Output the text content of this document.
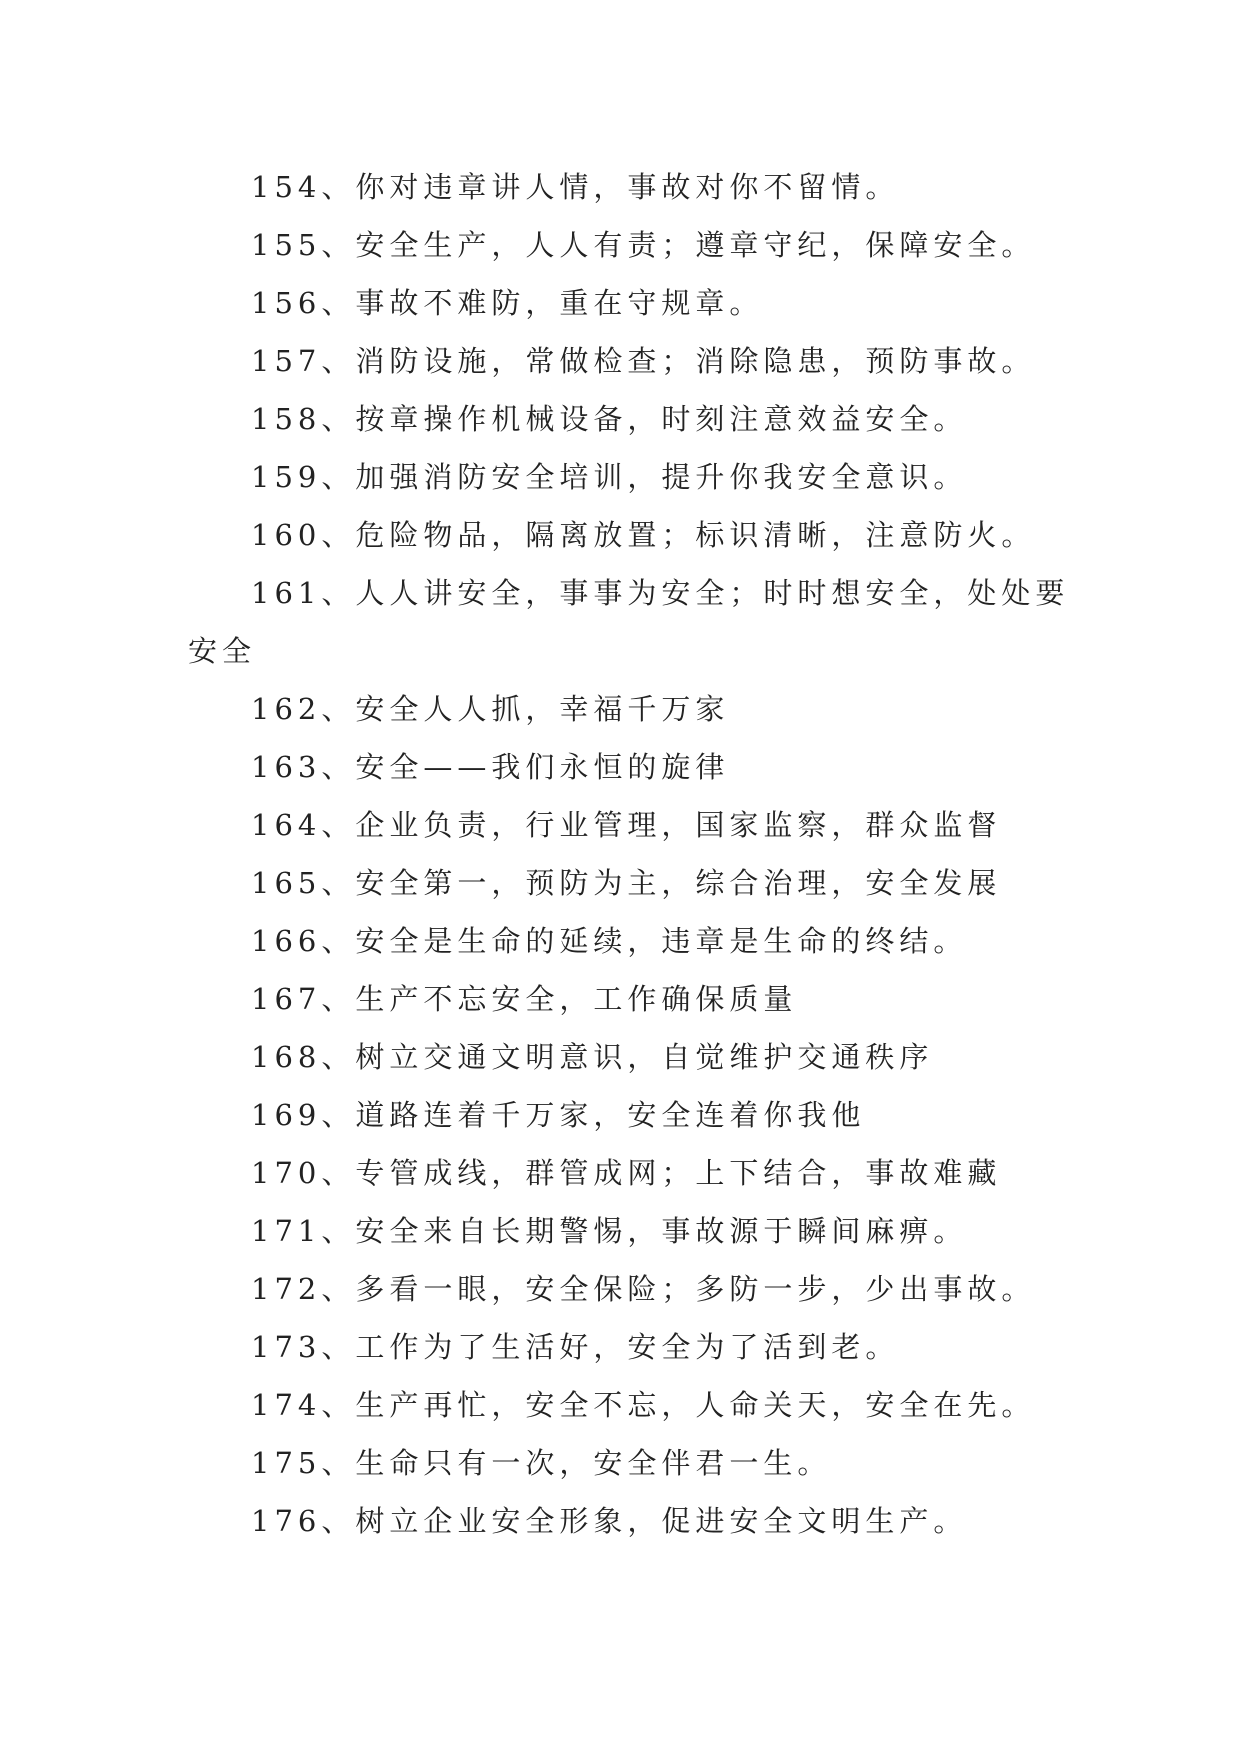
154、你对违章讲人情，事故对你不留情。
155、安全生产，人人有责；遵章守纪，保障安全。
156、事故不难防，重在守规章。
157、消防设施，常做检查；消除隐患，预防事故。
158、按章操作机械设备，时刻注意效益安全。
159、加强消防安全培训，提升你我安全意识。
160、危险物品，隔离放置；标识清晰，注意防火。
161、人人讲安全，事事为安全；时时想安全，处处要
安全
162、安全人人抓，幸福千万家
163、安全——我们永恒的旋律
164、企业负责，行业管理，国家监察，群众监督
165、安全第一，预防为主，综合治理，安全发展
166、安全是生命的延续，违章是生命的终结。
167、生产不忘安全，工作确保质量
168、树立交通文明意识，自觉维护交通秩序
169、道路连着千万家，安全连着你我他
170、专管成线，群管成网；上下结合，事故难藏
171、安全来自长期警惕，事故源于瞬间麻痹。
172、多看一眼，安全保险；多防一步，少出事故。
173、工作为了生活好，安全为了活到老。
174、生产再忙，安全不忘，人命关天，安全在先。
175、生命只有一次，安全伴君一生。
176、树立企业安全形象，促进安全文明生产。
